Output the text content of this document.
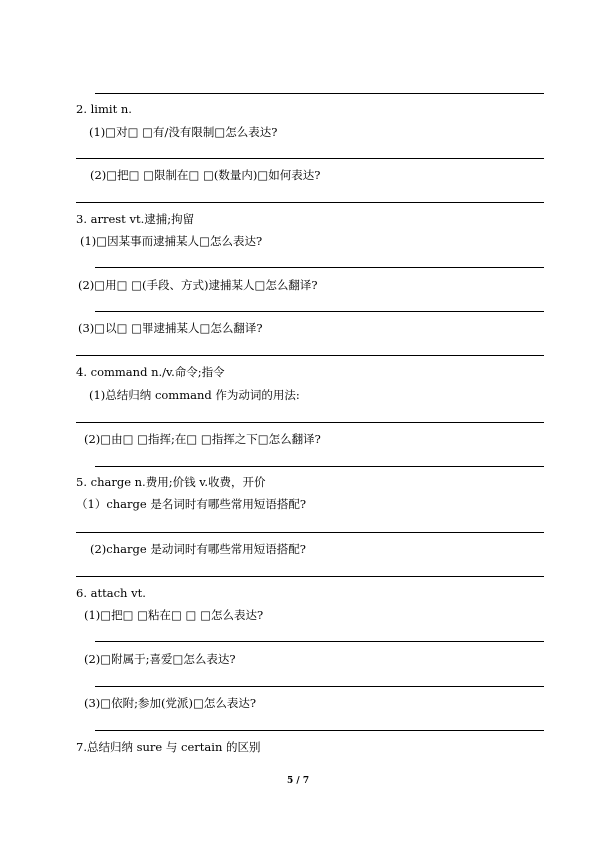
2. limit n.
(1)□对□ □有/没有限制□怎么表达?
(2)□把□ □限制在□ □(数量内)□如何表达?
3. arrest vt.逮捕;拘留
(1)□因某事而逮捕某人□怎么表达?
(2)□用□ □(手段、方式)逮捕某人□怎么翻译?
(3)□以□ □罪逮捕某人□怎么翻译?
4. command n./v.命令;指令
(1)总结归纳 command 作为动词的用法:
(2)□由□ □指挥;在□ □指挥之下□怎么翻译?
5. charge n.费用;价钱 v.收费，开价
（1）charge 是名词时有哪些常用短语搭配?
(2)charge 是动词时有哪些常用短语搭配?
6. attach vt.
(1)□把□ □粘在□ □ □怎么表达?
(2)□附属于;喜爱□怎么表达?
(3)□依附;参加(党派)□怎么表达?
7.总结归纳 sure 与 certain 的区别
5 / 7
